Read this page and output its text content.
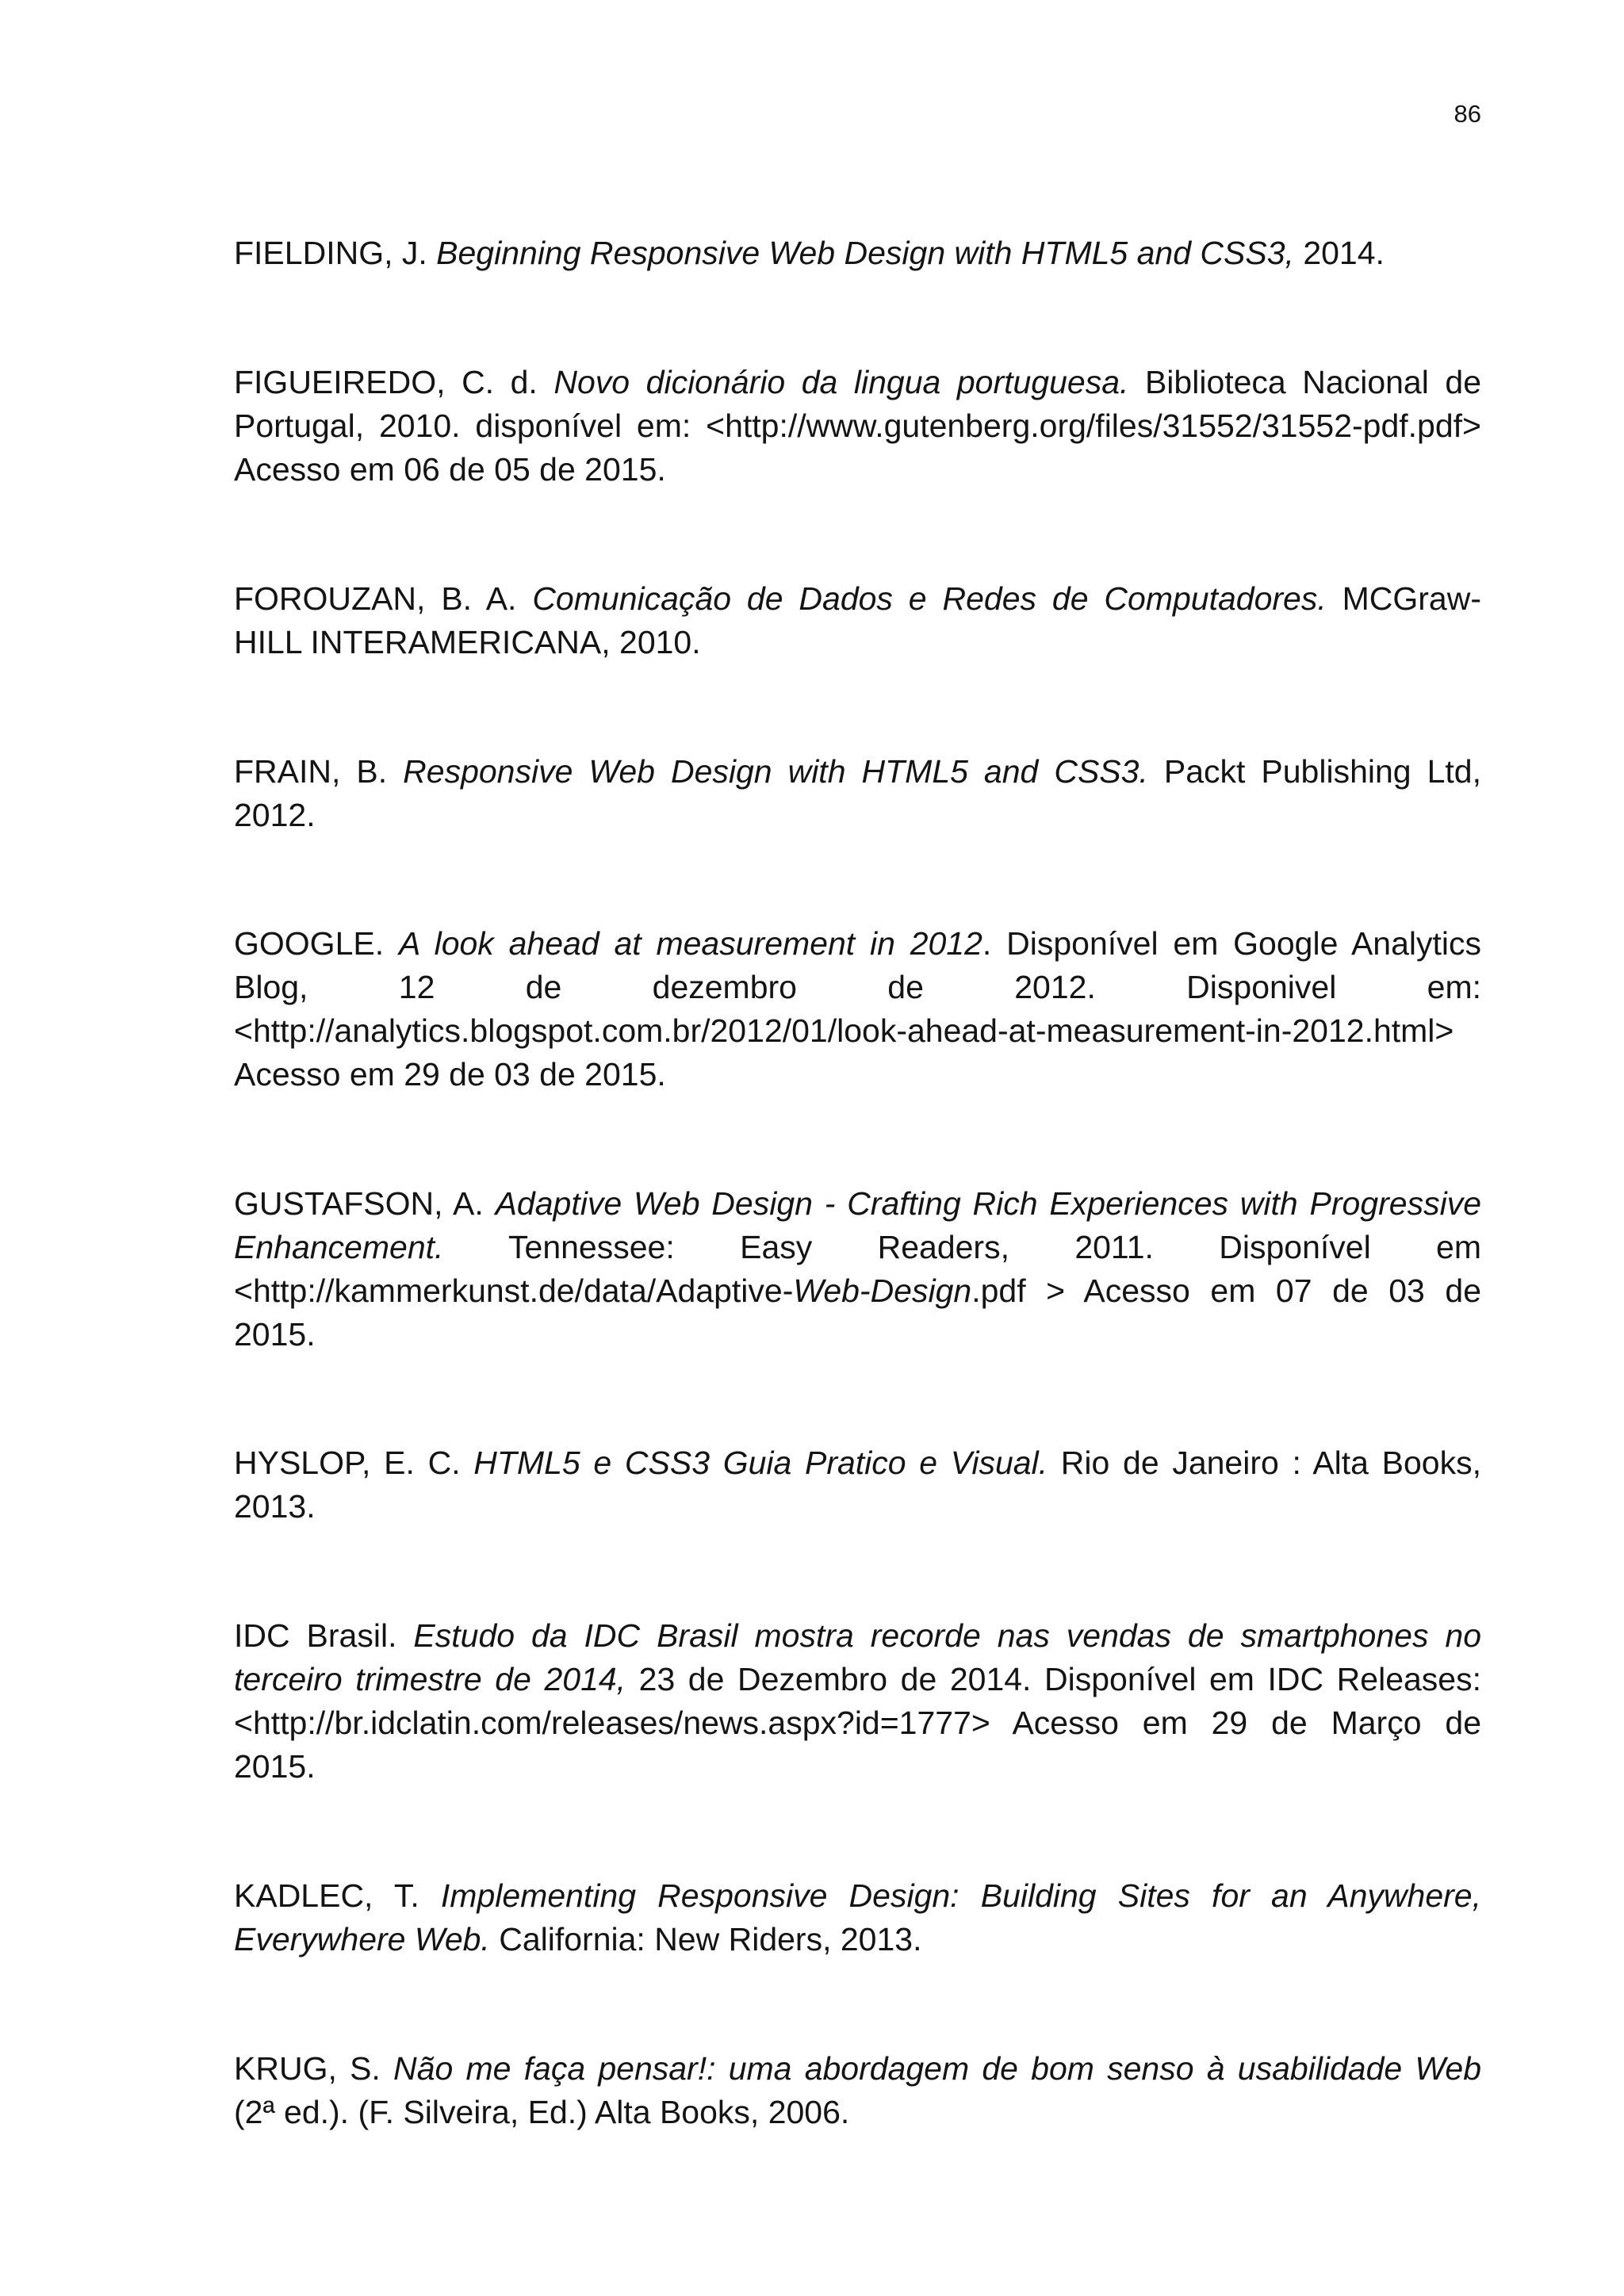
86
FIELDING, J. Beginning Responsive Web Design with HTML5 and CSS3, 2014.
FIGUEIREDO, C. d. Novo dicionário da lingua portuguesa. Biblioteca Nacional de
Portugal, 2010. disponível em: <http://www.gutenberg.org/files/31552/31552-pdf.pdf>
Acesso em 06 de 05 de 2015.
FOROUZAN, B. A. Comunicação de Dados e Redes de Computadores. MCGraw-
HILL INTERAMERICANA, 2010.
FRAIN, B. Responsive Web Design with HTML5 and CSS3. Packt Publishing Ltd,
2012.
GOOGLE. A look ahead at measurement in 2012. Disponível em Google Analytics
Blog, 12 de dezembro de 2012. Disponivel em:
<http://analytics.blogspot.com.br/2012/01/look-ahead-at-measurement-in-2012.html>
Acesso em 29 de 03 de 2015.
GUSTAFSON, A. Adaptive Web Design - Crafting Rich Experiences with Progressive
Enhancement. Tennessee: Easy Readers, 2011. Disponível em
<http://kammerkunst.de/data/Adaptive-Web-Design.pdf > Acesso em 07 de 03 de
2015.
HYSLOP, E. C. HTML5 e CSS3 Guia Pratico e Visual. Rio de Janeiro : Alta Books,
2013.
IDC Brasil. Estudo da IDC Brasil mostra recorde nas vendas de smartphones no
terceiro trimestre de 2014, 23 de Dezembro de 2014. Disponível em IDC Releases:
<http://br.idclatin.com/releases/news.aspx?id=1777> Acesso em 29 de Março de
2015.
KADLEC, T. Implementing Responsive Design: Building Sites for an Anywhere,
Everywhere Web. California: New Riders, 2013.
KRUG, S. Não me faça pensar!: uma abordagem de bom senso à usabilidade Web
(2ª ed.). (F. Silveira, Ed.) Alta Books, 2006.
